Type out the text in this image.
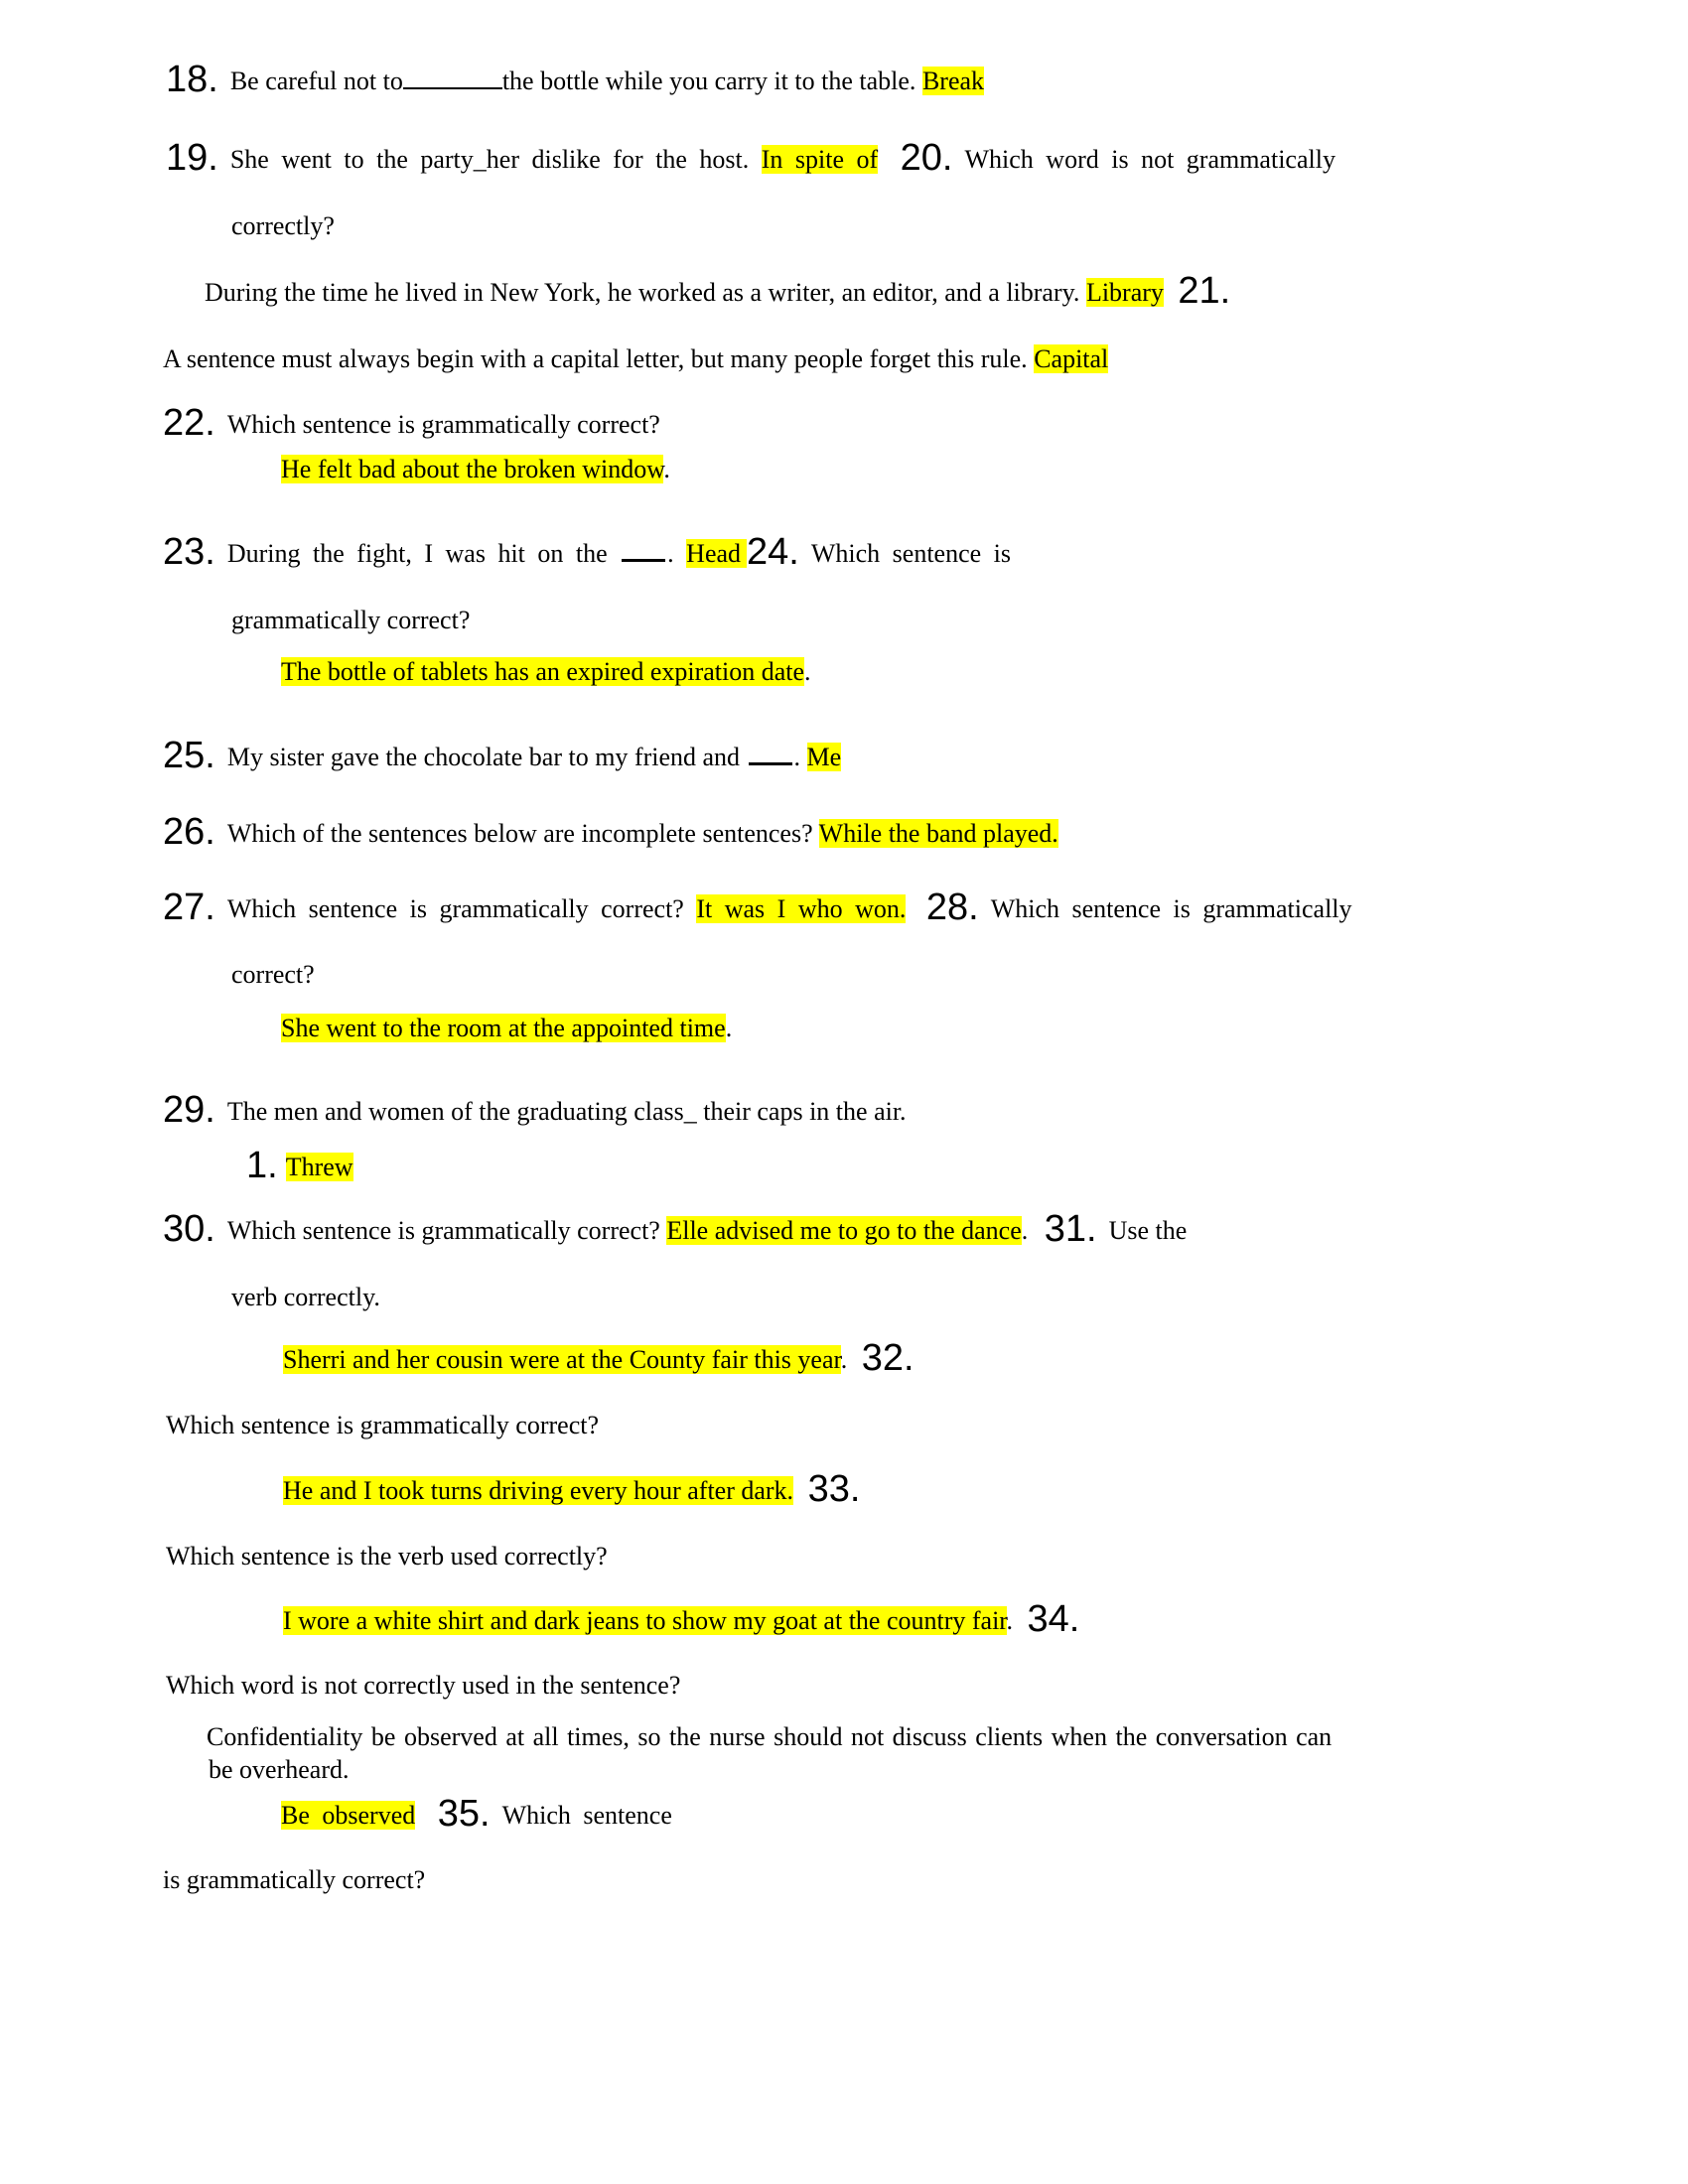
18. Be careful not to	the bottle while you carry it to the table. Break
19. She went to the party_her dislike for the host. In spite of 20. Which word is not grammatically
correctly?
During the time he lived in New York, he worked as a writer, an editor, and a library. Library 21.
A sentence must always begin with a capital letter, but many people forget this rule. Capital
22. Which sentence is grammatically correct?
He felt bad about the broken window.
23. During the fight, I was hit on the . Head 24. Which sentence is
grammatically correct?
The bottle of tablets has an expired expiration date.
25. My sister gave the chocolate bar to my friend and . Me
26. Which of the sentences below are incomplete sentences? While the band played.
27. Which sentence is grammatically correct? It was I who won. 28. Which sentence is grammatically
correct?
She went to the room at the appointed time.
29. The men and women of the graduating class_ their caps in the air.
1. Threw
30. Which sentence is grammatically correct? Elle advised me to go to the dance. 31. Use the
verb correctly.
Sherri and her cousin were at the County fair this year. 32.
Which sentence is grammatically correct?
He and I took turns driving every hour after dark. 33.
Which sentence is the verb used correctly?
I wore a white shirt and dark jeans to show my goat at the country fair. 34.
Which word is not correctly used in the sentence?
Confidentiality be observed at all times, so the nurse should not discuss clients when the conversation can
be overheard.
Be observed 35. Which sentence
is grammatically correct?
